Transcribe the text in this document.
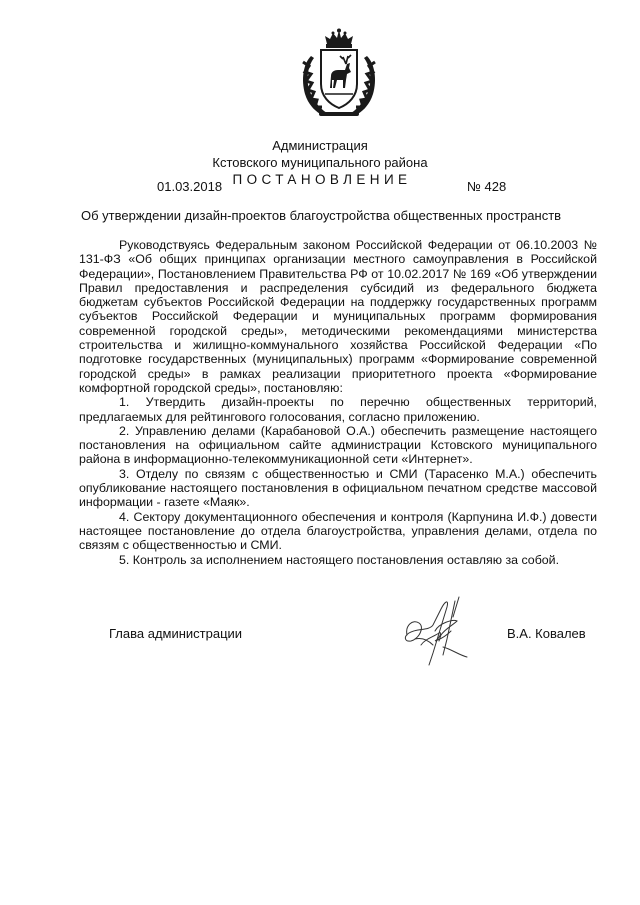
Администрация
Кстовского муниципального района
ПОСТАНОВЛЕНИЕ
01.03.2018	№ 428
Об утверждении дизайн-проектов благоустройства общественных пространств

Руководствуясь Федеральным законом Российской Федерации от 06.10.2003 № 131-ФЗ «Об общих принципах организации местного самоуправления в Российской Федерации», Постановлением Правительства РФ от 10.02.2017 № 169 «Об утверждении Правил предоставления и распределения субсидий из федерального бюджета бюджетам субъектов Российской Федерации на поддержку государственных программ субъектов Российской Федерации и муниципальных программ формирования современной городской среды», методическими рекомендациями министерства строительства и жилищно-коммунального хозяйства Российской Федерации «По подготовке государственных (муниципальных) программ «Формирование современной городской среды» в рамках реализации приоритетного проекта «Формирование комфортной городской среды», постановляю:

1. Утвердить дизайн-проекты по перечню общественных территорий, предлагаемых для рейтингового голосования, согласно приложению.

2. Управлению делами (Карабановой О.А.) обеспечить размещение настоящего постановления на официальном сайте администрации Кстовского муниципального района в информационно-телекоммуникационной сети «Интернет».

3. Отделу по связям с общественностью и СМИ (Тарасенко М.А.) обеспечить опубликование настоящего постановления в официальном печатном средстве массовой информации - газете «Маяк».

4. Сектору документационного обеспечения и контроля (Карпунина И.Ф.) довести настоящее постановление до отдела благоустройства, управления делами, отдела по связям с общественностью и СМИ.

5. Контроль за исполнением настоящего постановления оставляю за собой.

Глава администрации	В.А. Ковалев
